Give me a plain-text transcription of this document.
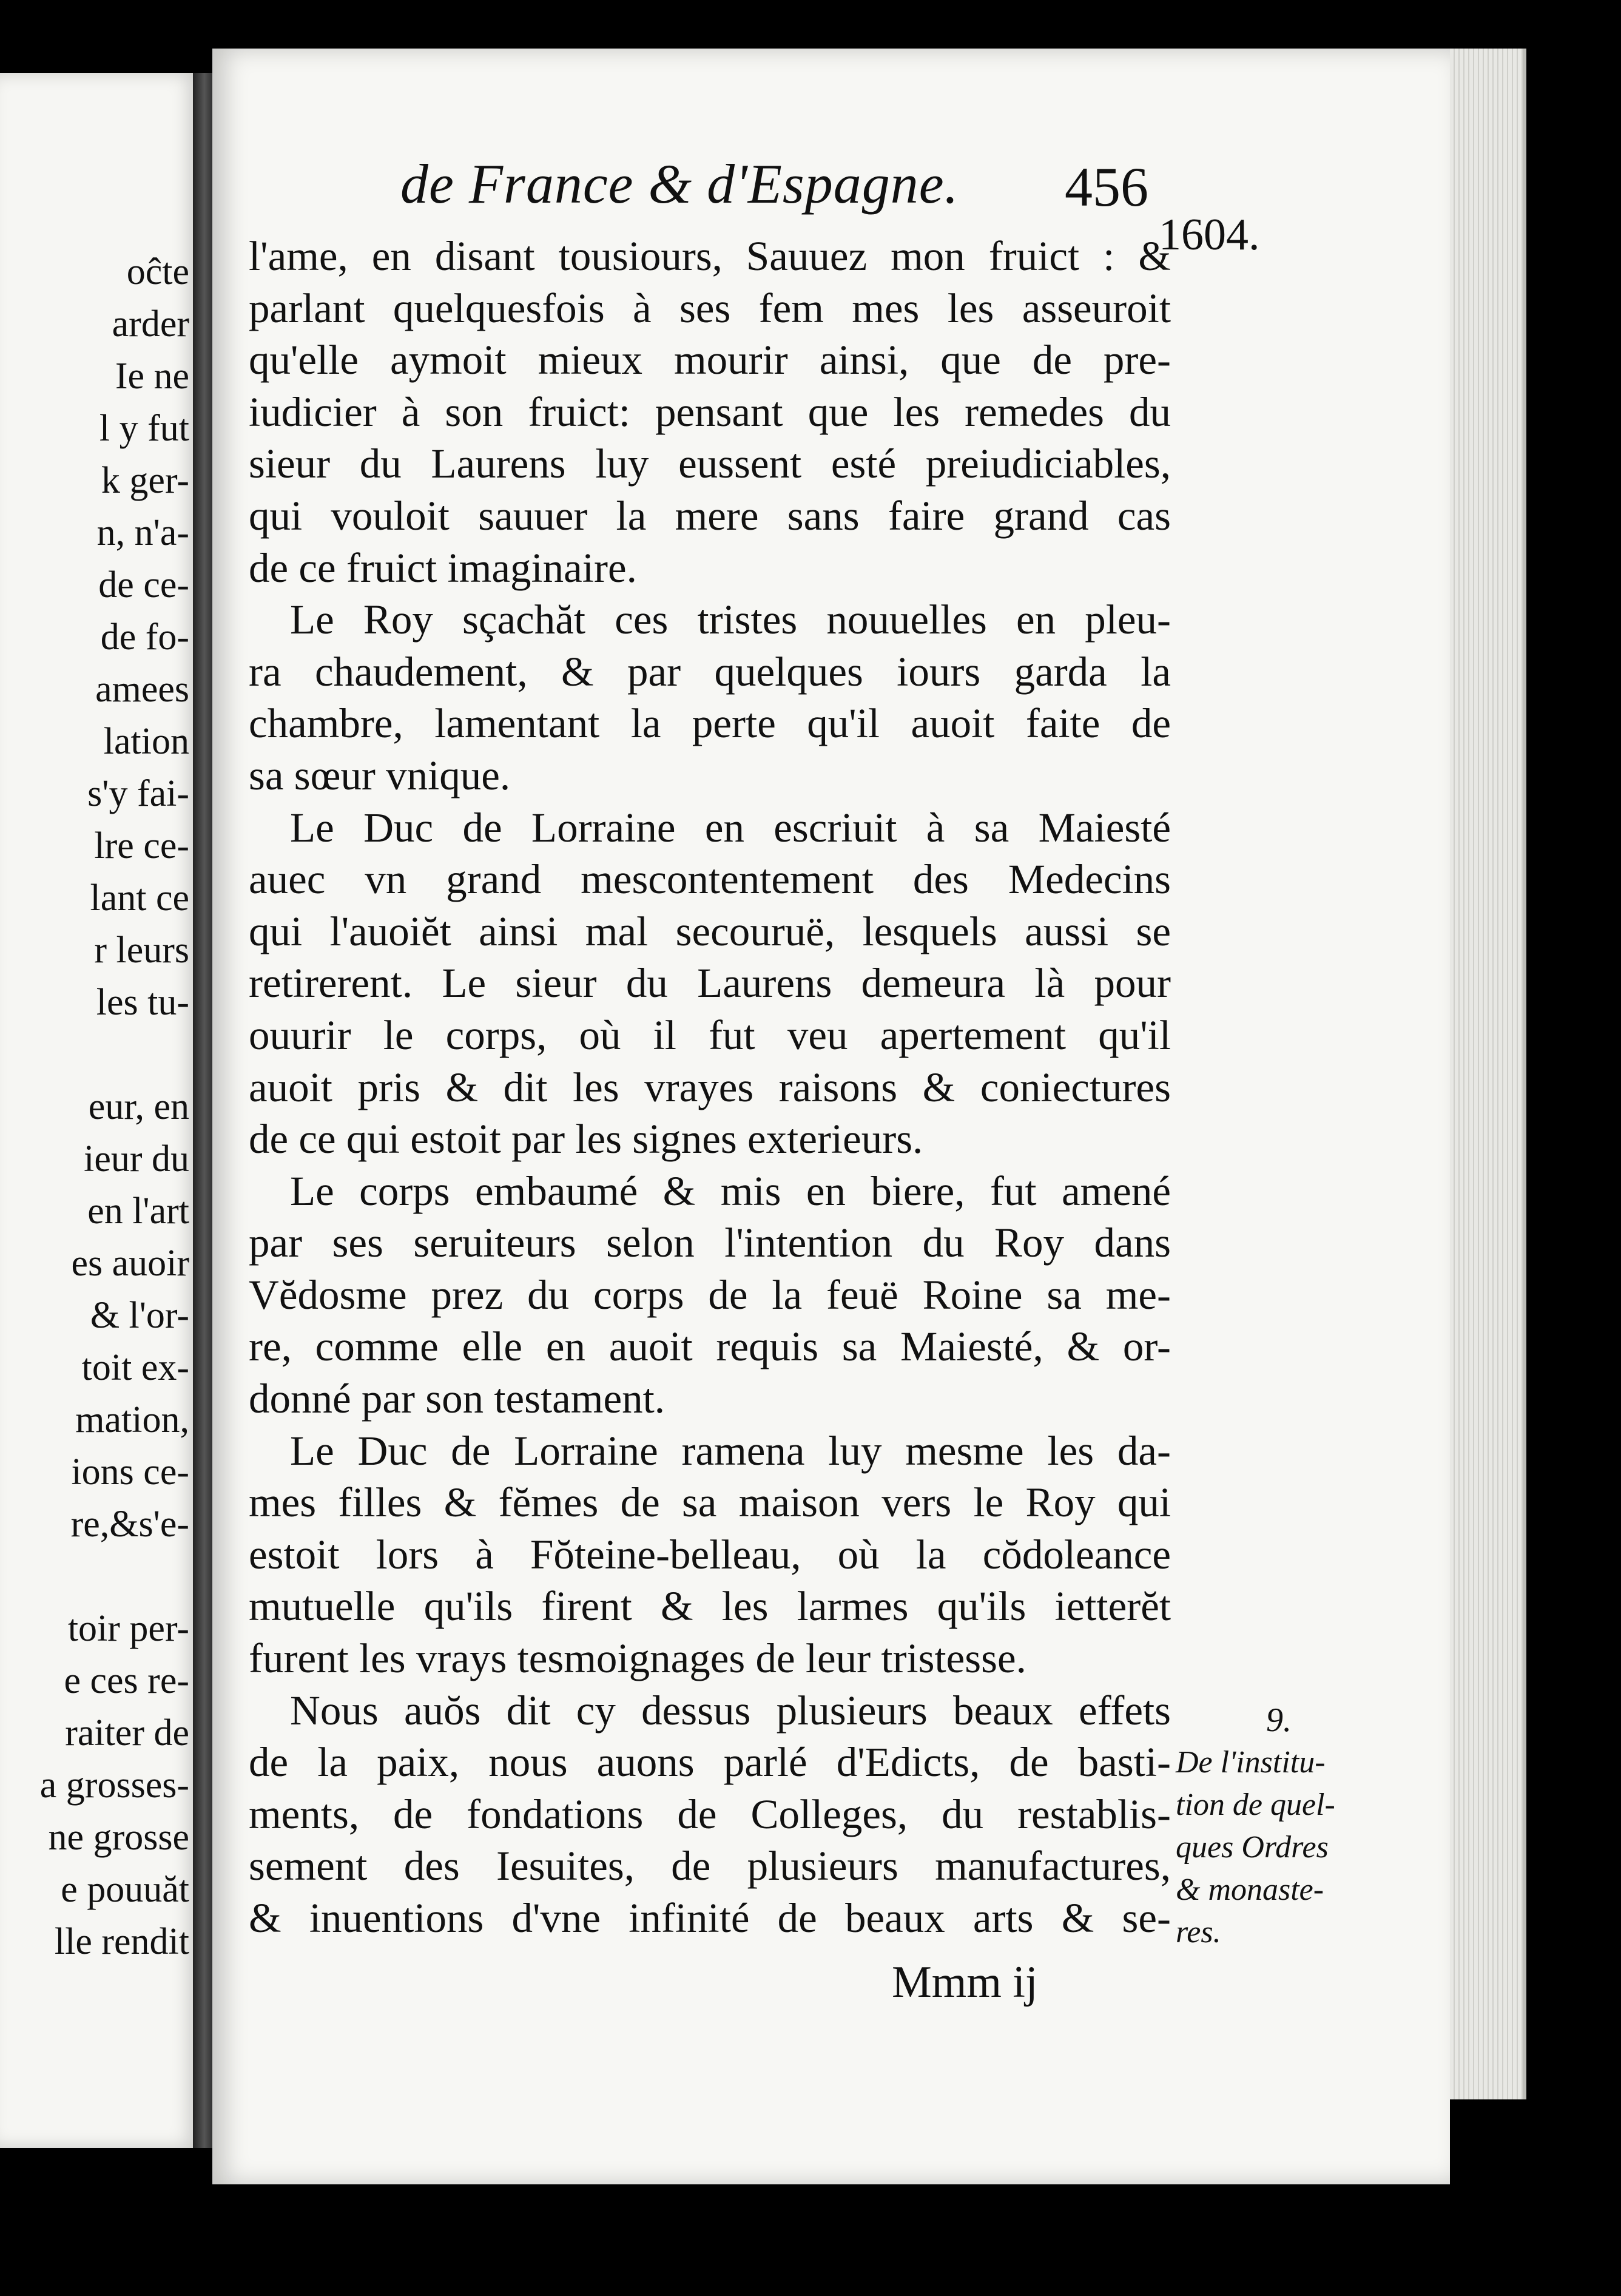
oĉte
arder
Ie ne
l y fut
k ger-
n, n'a-
de ce-
de fo-
amees
lation
s'y fai-
lre ce-
lant ce
r leurs
les tu-
eur, en
ieur du
en l'art
es auoir
& l'or-
toit ex-
mation,
ions ce-
re,&s'e-
toir per-
e ces re-
raiter de
a grosses-
ne grosse
e pouuăt
lle rendit
de France & d'Espagne. 456
1604.
l'ame, en disant tousiours, Sauuez mon fruict : &
parlant quelquesfois à ses fem mes les asseuroit
qu'elle aymoit mieux mourir ainsi, que de pre-
iudicier à son fruict: pensant que les remedes du
sieur du Laurens luy eussent esté preiudiciables,
qui vouloit sauuer la mere sans faire grand cas
de ce fruict imaginaire.
Le Roy sçachăt ces tristes nouuelles en pleu-
ra chaudement, & par quelques iours garda la
chambre, lamentant la perte qu'il auoit faite de
sa sœur vnique.
Le Duc de Lorraine en escriuit à sa Maiesté
auec vn grand mescontentement des Medecins
qui l'auoiĕt ainsi mal secouruë, lesquels aussi se
retirerent. Le sieur du Laurens demeura là pour
ouurir le corps, où il fut veu apertement qu'il
auoit pris & dit les vrayes raisons & coniectures
de ce qui estoit par les signes exterieurs.
Le corps embaumé & mis en biere, fut amené
par ses seruiteurs selon l'intention du Roy dans
Vĕdosme prez du corps de la feuë Roine sa me-
re, comme elle en auoit requis sa Maiesté, & or-
donné par son testament.
Le Duc de Lorraine ramena luy mesme les da-
mes filles & fĕmes de sa maison vers le Roy qui
estoit lors à Fŏteine-belleau, où la cŏdoleance
mutuelle qu'ils firent & les larmes qu'ils ietterĕt
furent les vrays tesmoignages de leur tristesse.
Nous auŏs dit cy dessus plusieurs beaux effets
de la paix, nous auons parlé d'Edicts, de basti-
ments, de fondations de Colleges, du restablis-
sement des Iesuites, de plusieurs manufactures,
& inuentions d'vne infinité de beaux arts & se-
9.
De l'institu-
tion de quel-
ques Ordres
& monaste-
res.
Mmm ij
